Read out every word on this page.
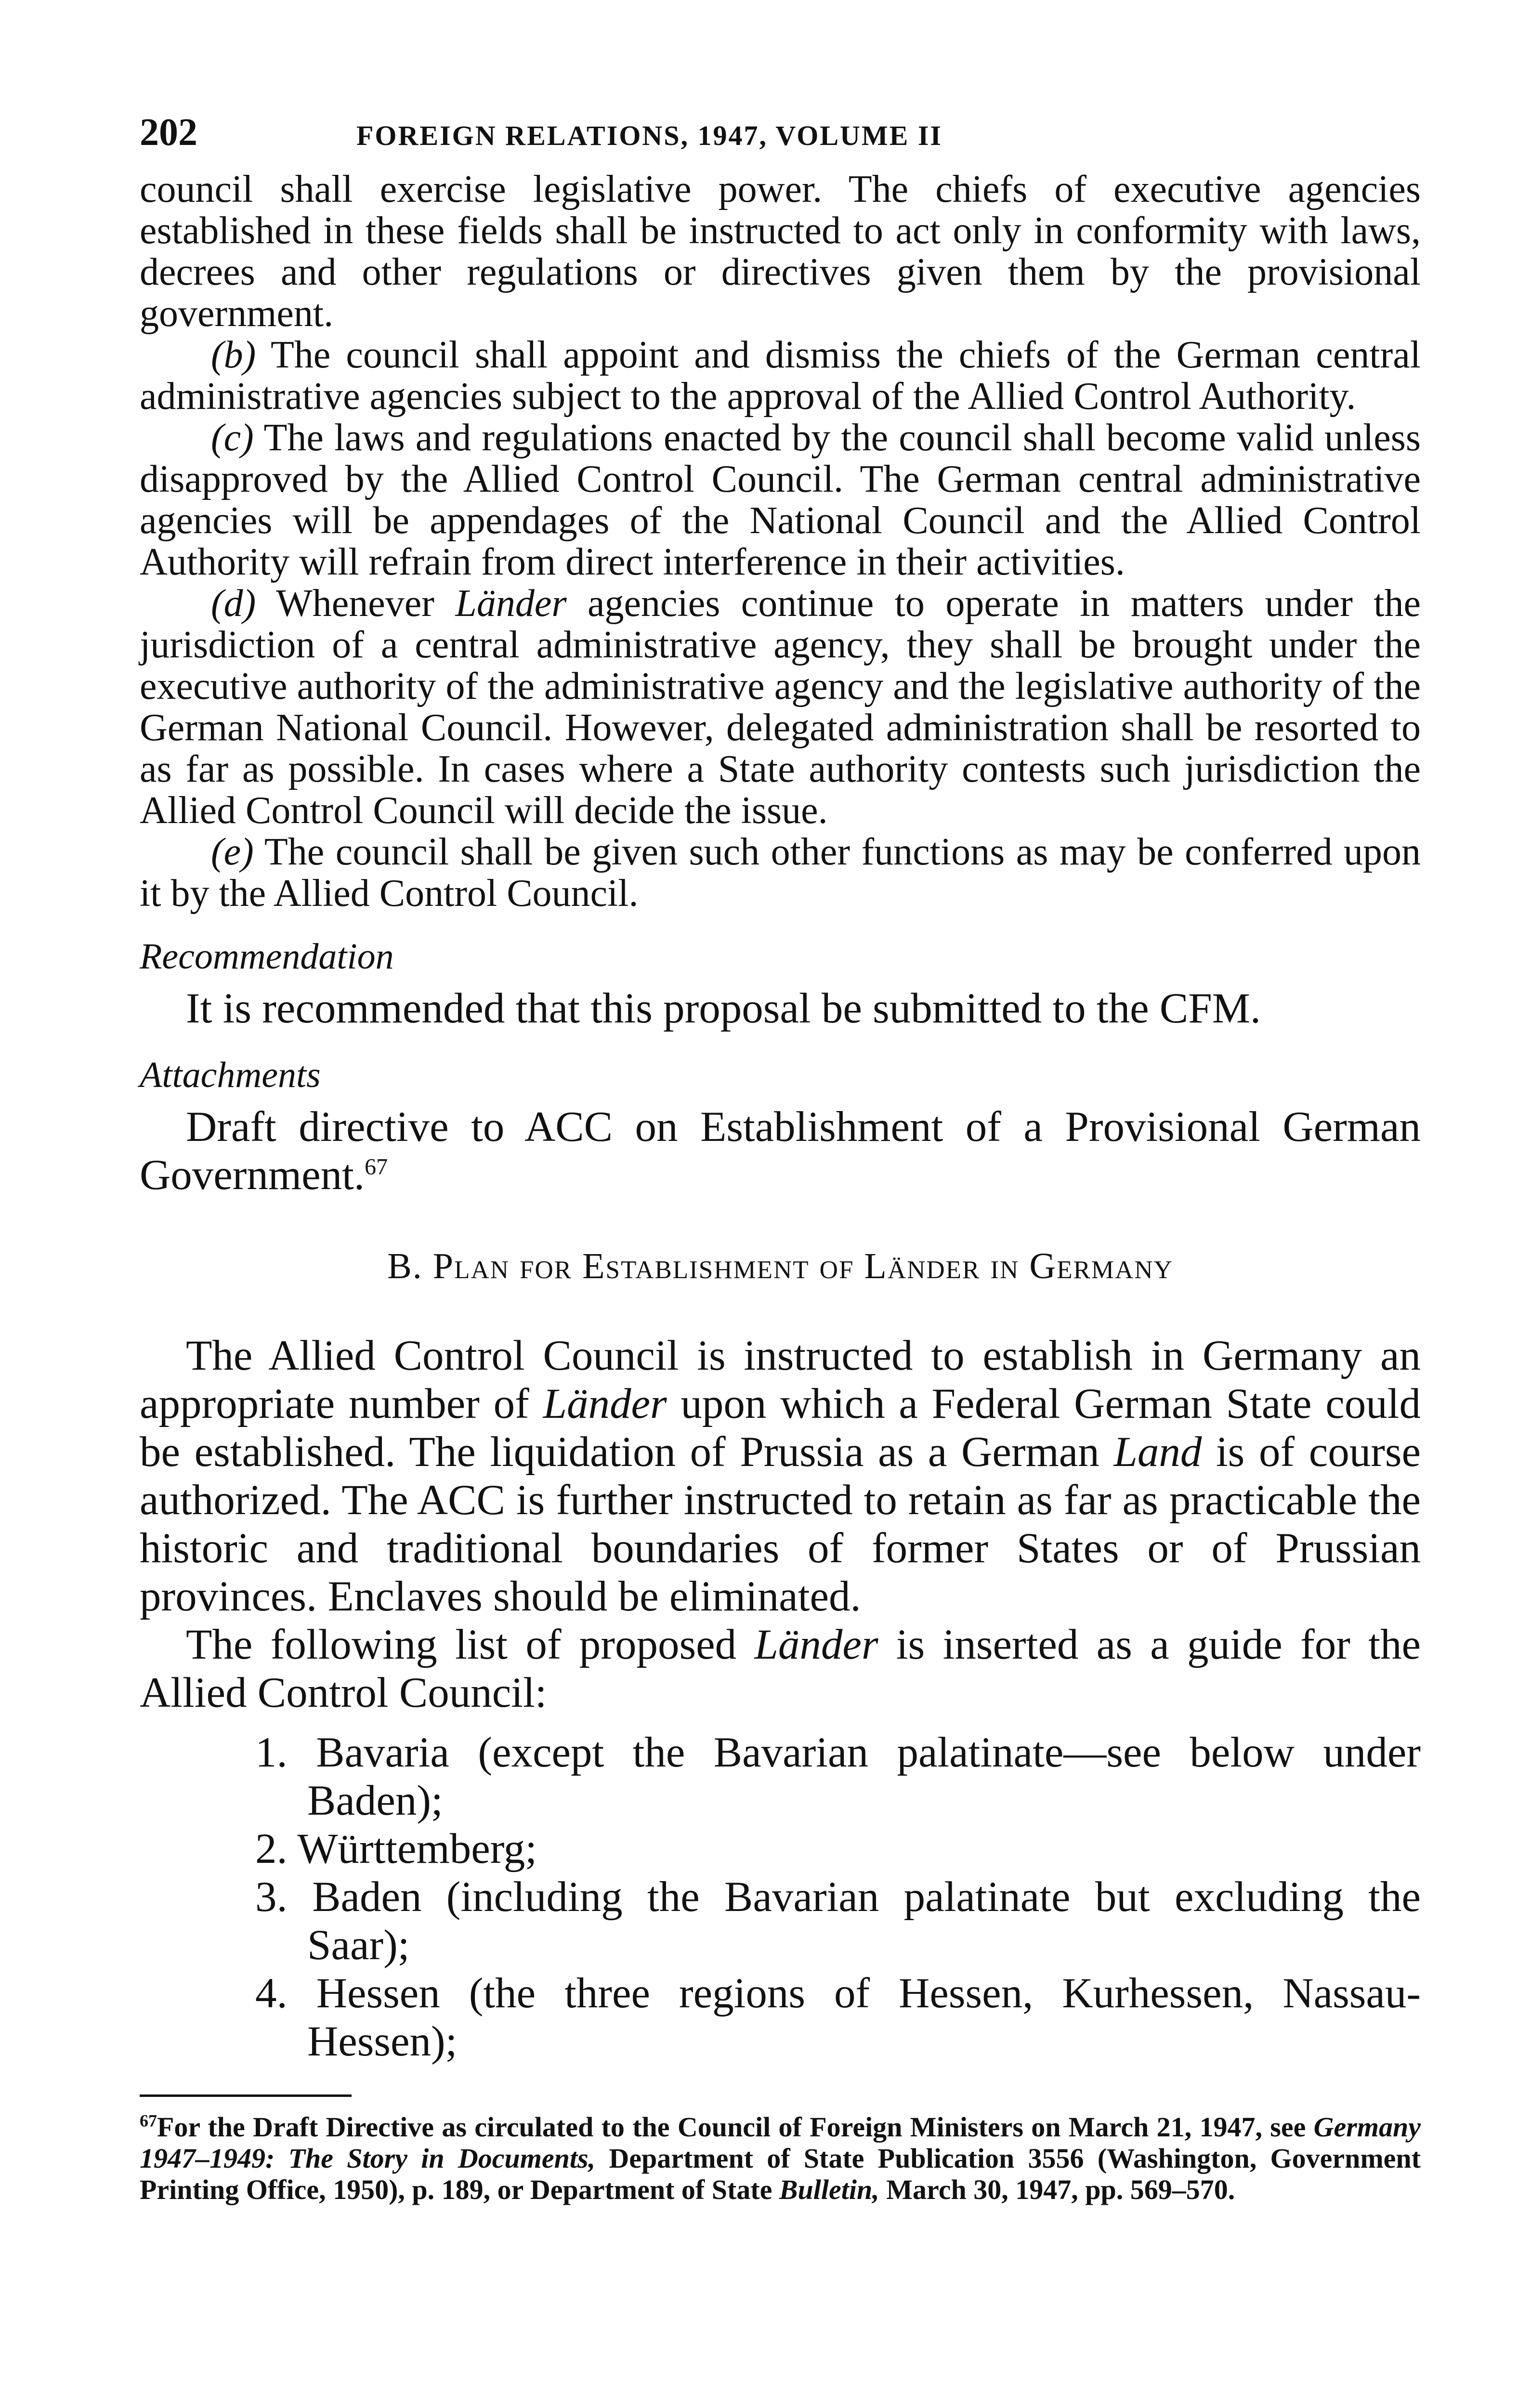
202	FOREIGN RELATIONS, 1947, VOLUME II

council shall exercise legislative power. The chiefs of executive agencies established in these fields shall be instructed to act only in conformity with laws, decrees and other regulations or directives given them by the provisional government.

(b) The council shall appoint and dismiss the chiefs of the German central administrative agencies subject to the approval of the Allied Control Authority.

(c) The laws and regulations enacted by the council shall become valid unless disapproved by the Allied Control Council. The German central administrative agencies will be appendages of the National Council and the Allied Control Authority will refrain from direct interference in their activities.

(d) Whenever Länder agencies continue to operate in matters under the jurisdiction of a central administrative agency, they shall be brought under the executive authority of the administrative agency and the legislative authority of the German National Council. However, delegated administration shall be resorted to as far as possible. In cases where a State authority contests such jurisdiction the Allied Control Council will decide the issue.

(e) The council shall be given such other functions as may be conferred upon it by the Allied Control Council.

Recommendation

It is recommended that this proposal be submitted to the CFM.

Attachments

Draft directive to ACC on Establishment of a Provisional German Government.$^{67}$

B. Plan for Establishment of Länder in Germany

The Allied Control Council is instructed to establish in Germany an appropriate number of Länder upon which a Federal German State could be established. The liquidation of Prussia as a German Land is of course authorized. The ACC is further instructed to retain as far as practicable the historic and traditional boundaries of former States or of Prussian provinces. Enclaves should be eliminated.

The following list of proposed Länder is inserted as a guide for the Allied Control Council:

1. Bavaria (except the Bavarian palatinate—see below under Baden);
2. Württemberg;
3. Baden (including the Bavarian palatinate but excluding the Saar);
4. Hessen (the three regions of Hessen, Kurhessen, Nassau-Hessen);
$^{67}$For the Draft Directive as circulated to the Council of Foreign Ministers on March 21, 1947, see Germany 1947–1949: The Story in Documents, Department of State Publication 3556 (Washington, Government Printing Office, 1950), p. 189, or Department of State Bulletin, March 30, 1947, pp. 569–570.
